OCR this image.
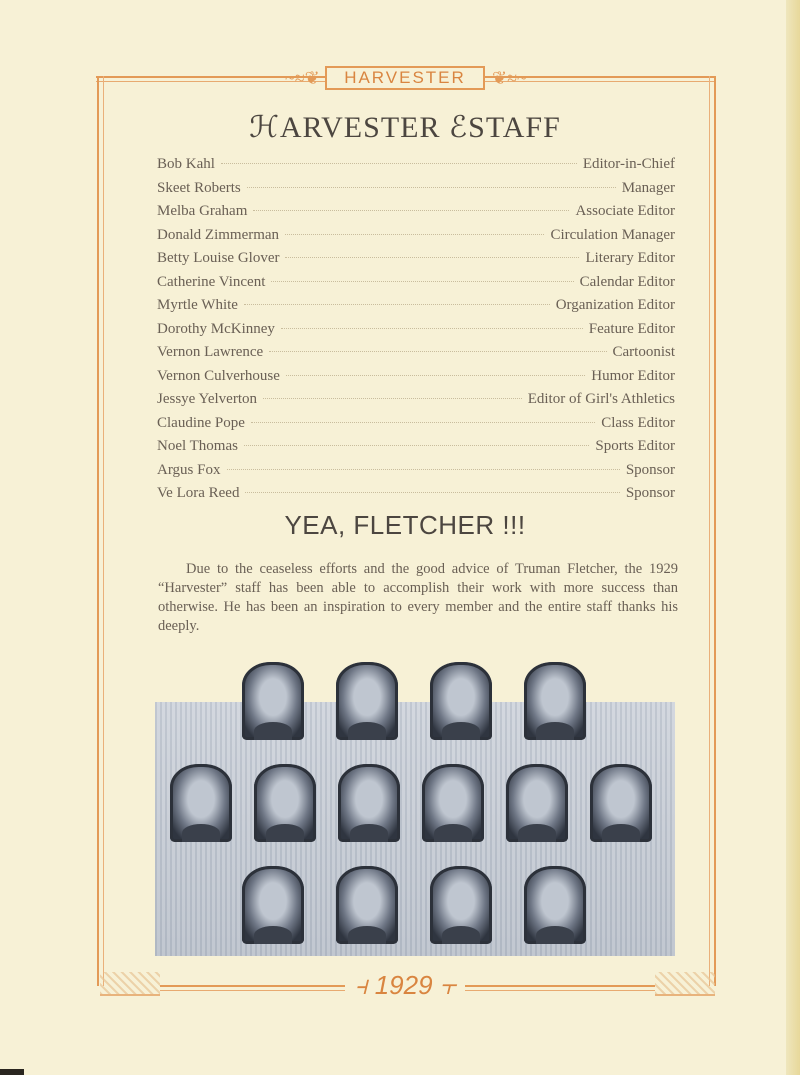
~≈❦	HARVESTER	❦≈~
ℋARVESTER ℰSTAFF
Bob Kahl	Editor-in-Chief
Skeet Roberts	Manager
Melba Graham	Associate Editor
Donald Zimmerman	Circulation Manager
Betty Louise Glover	Literary Editor
Catherine Vincent	Calendar Editor
Myrtle White	Organization Editor
Dorothy McKinney	Feature Editor
Vernon Lawrence	Cartoonist
Vernon Culverhouse	Humor Editor
Jessye Yelverton	Editor of Girl's Athletics
Claudine Pope	Class Editor
Noel Thomas	Sports Editor
Argus Fox	Sponsor
Ve Lora Reed	Sponsor
YEA, FLETCHER !!!
Due to the ceaseless efforts and the good advice of Truman Fletcher, the 1929 “Harvester” staff has been able to accomplish their work with more success than otherwise. He has been an inspiration to every member and the entire staff thanks his deeply.
⫞ 1929 ⫟
